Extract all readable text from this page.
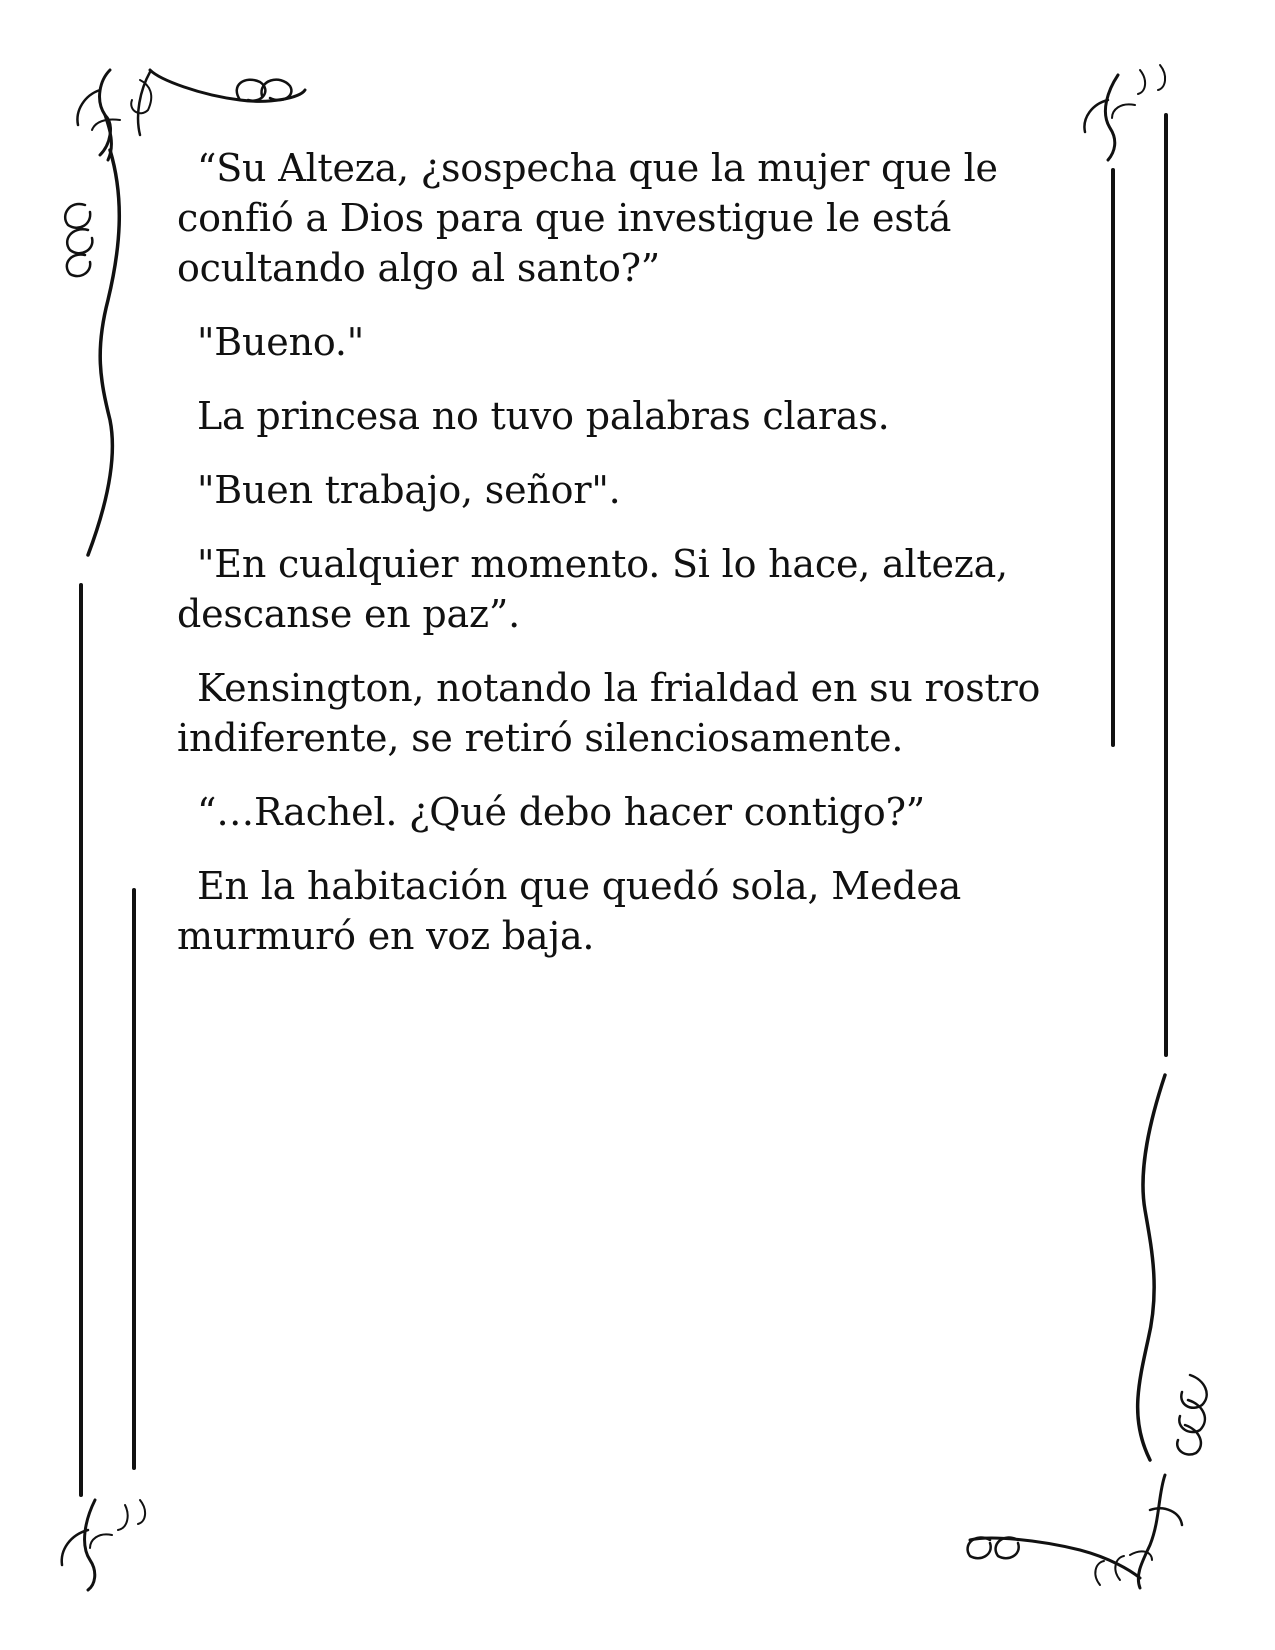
“Su Alteza, ¿sospecha que la mujer que le confió a Dios para que investigue le está ocultando algo al santo?”

"Bueno."

La princesa no tuvo palabras claras.

"Buen trabajo, señor".

"En cualquier momento. Si lo hace, alteza, descanse en paz”.

Kensington, notando la frialdad en su rostro indiferente, se retiró silenciosamente.

“…Rachel. ¿Qué debo hacer contigo?”

En la habitación que quedó sola, Medea murmuró en voz baja.
